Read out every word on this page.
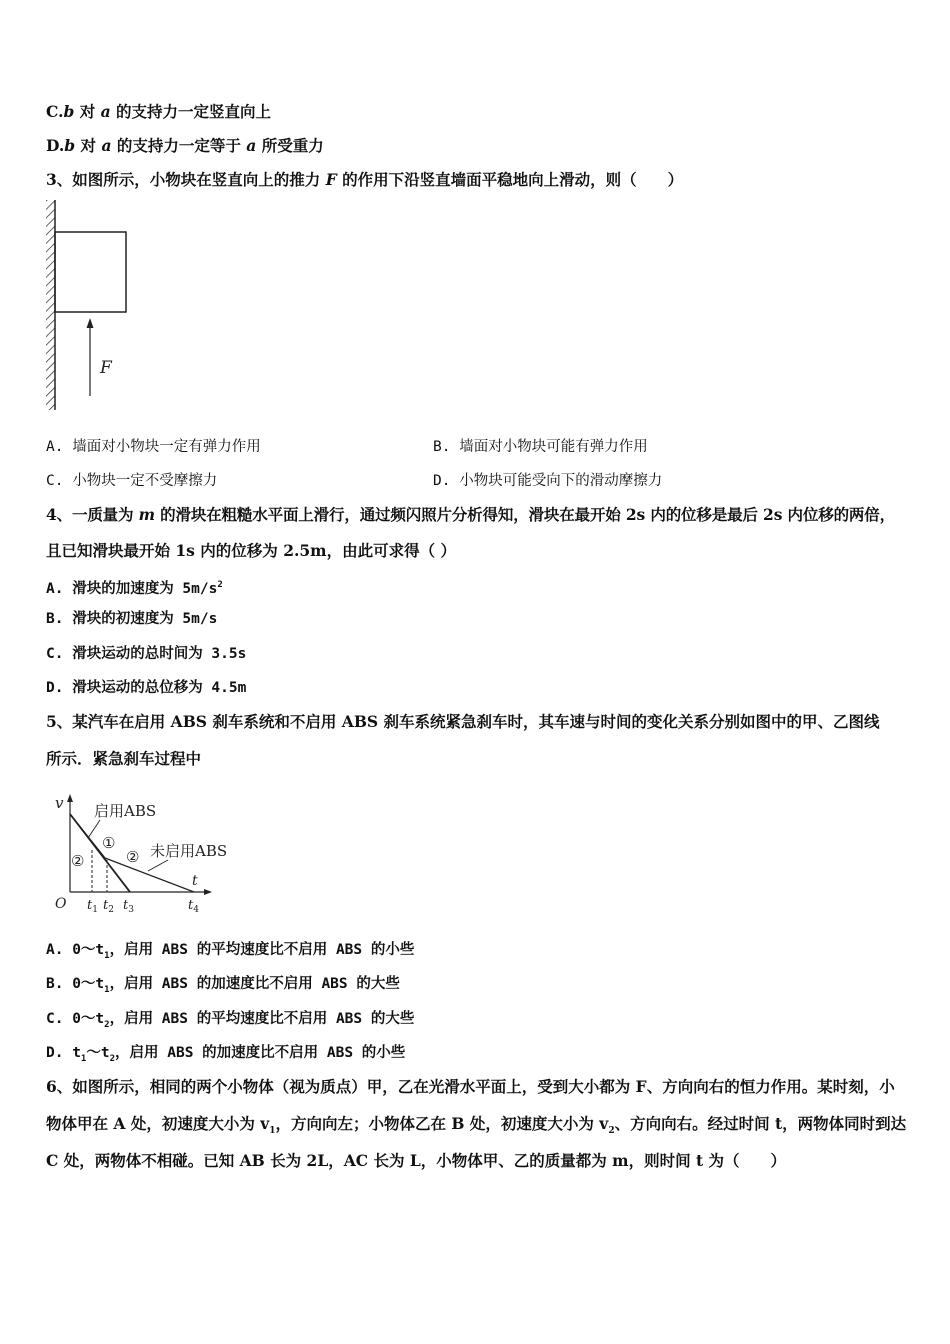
C.b 对 a 的支持力一定竖直向上
D.b 对 a 的支持力一定等于 a 所受重力
3、如图所示，小物块在竖直向上的推力 F 的作用下沿竖直墙面平稳地向上滑动，则（　　）
F
A. 墙面对小物块一定有弹力作用	B. 墙面对小物块可能有弹力作用
C. 小物块一定不受摩擦力	D. 小物块可能受向下的滑动摩擦力
4、一质量为 m 的滑块在粗糙水平面上滑行，通过频闪照片分析得知，滑块在最开始 2s 内的位移是最后 2s 内位移的两倍，
且已知滑块最开始 1s 内的位移为 2.5m，由此可求得（ ）
A. 滑块的加速度为 $5m/s^2$
B. 滑块的初速度为 5m/s
C. 滑块运动的总时间为 3.5s
D. 滑块运动的总位移为 4.5m
5、某汽车在启用 ABS 刹车系统和不启用 ABS 刹车系统紧急刹车时，其车速与时间的变化关系分别如图中的甲、乙图线
所示．紧急刹车过程中
v
t
O
启用ABS
未启用ABS
①
②	②
$t_1$ $t_2$ $t_3$	$t_4$
A. $0\sim t_1$，启用 ABS 的平均速度比不启用 ABS 的小些
B. $0\sim t_1$，启用 ABS 的加速度比不启用 ABS 的大些
C. $0\sim t_2$，启用 ABS 的平均速度比不启用 ABS 的大些
D. $t_1\sim t_2$，启用 ABS 的加速度比不启用 ABS 的小些
6、如图所示，相同的两个小物体（视为质点）甲，乙在光滑水平面上，受到大小都为 F、方向向右的恒力作用。某时刻，小
物体甲在 A 处，初速度大小为 $v_1$，方向向左；小物体乙在 B 处，初速度大小为 $v_2$、方向向右。经过时间 t，两物体同时到达
C 处，两物体不相碰。已知 AB 长为 2L，AC 长为 L，小物体甲、乙的质量都为 m，则时间 t 为（　　）
